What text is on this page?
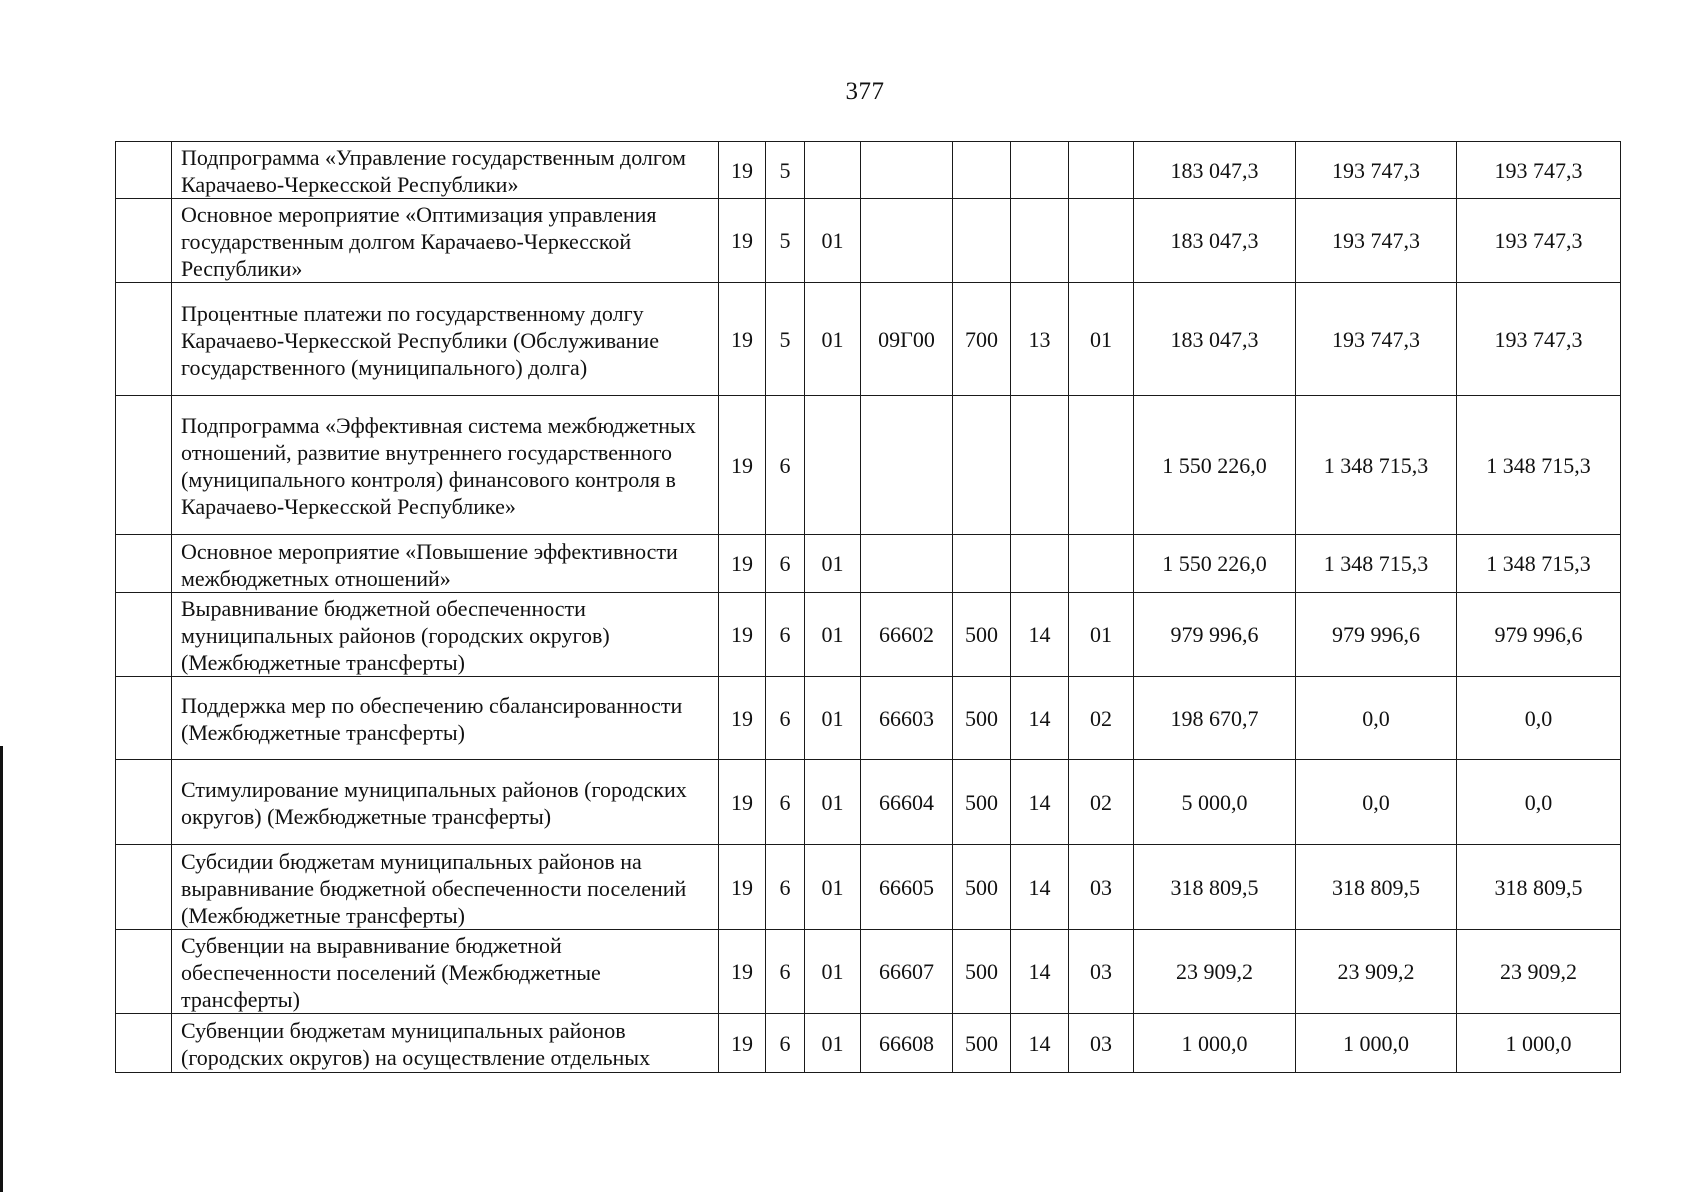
377
	Подпрограмма «Управление государственным долгом Карачаево-Черкесской Республики»	19	5						183 047,3	193 747,3	193 747,3
	Основное мероприятие «Оптимизация управления государственным долгом Карачаево-Черкесской Республики»	19	5	01					183 047,3	193 747,3	193 747,3
	Процентные платежи по государственному долгу Карачаево-Черкесской Республики (Обслуживание государственного (муниципального) долга)	19	5	01	09Г00	700	13	01	183 047,3	193 747,3	193 747,3
	Подпрограмма «Эффективная система межбюджетных отношений, развитие внутреннего государственного (муниципального контроля) финансового контроля в Карачаево-Черкесской Республике»	19	6						1 550 226,0	1 348 715,3	1 348 715,3
	Основное мероприятие «Повышение эффективности межбюджетных отношений»	19	6	01					1 550 226,0	1 348 715,3	1 348 715,3
	Выравнивание бюджетной обеспеченности муниципальных районов (городских округов) (Межбюджетные трансферты)	19	6	01	66602	500	14	01	979 996,6	979 996,6	979 996,6
	Поддержка мер по обеспечению сбалансированности (Межбюджетные трансферты)	19	6	01	66603	500	14	02	198 670,7	0,0	0,0
	Стимулирование муниципальных районов (городских округов) (Межбюджетные трансферты)	19	6	01	66604	500	14	02	5 000,0	0,0	0,0
	Субсидии бюджетам муниципальных районов на выравнивание бюджетной обеспеченности поселений (Межбюджетные трансферты)	19	6	01	66605	500	14	03	318 809,5	318 809,5	318 809,5
	Субвенции на выравнивание бюджетной обеспеченности поселений (Межбюджетные трансферты)	19	6	01	66607	500	14	03	23 909,2	23 909,2	23 909,2
	Субвенции бюджетам муниципальных районов (городских округов) на осуществление отдельных	19	6	01	66608	500	14	03	1 000,0	1 000,0	1 000,0
